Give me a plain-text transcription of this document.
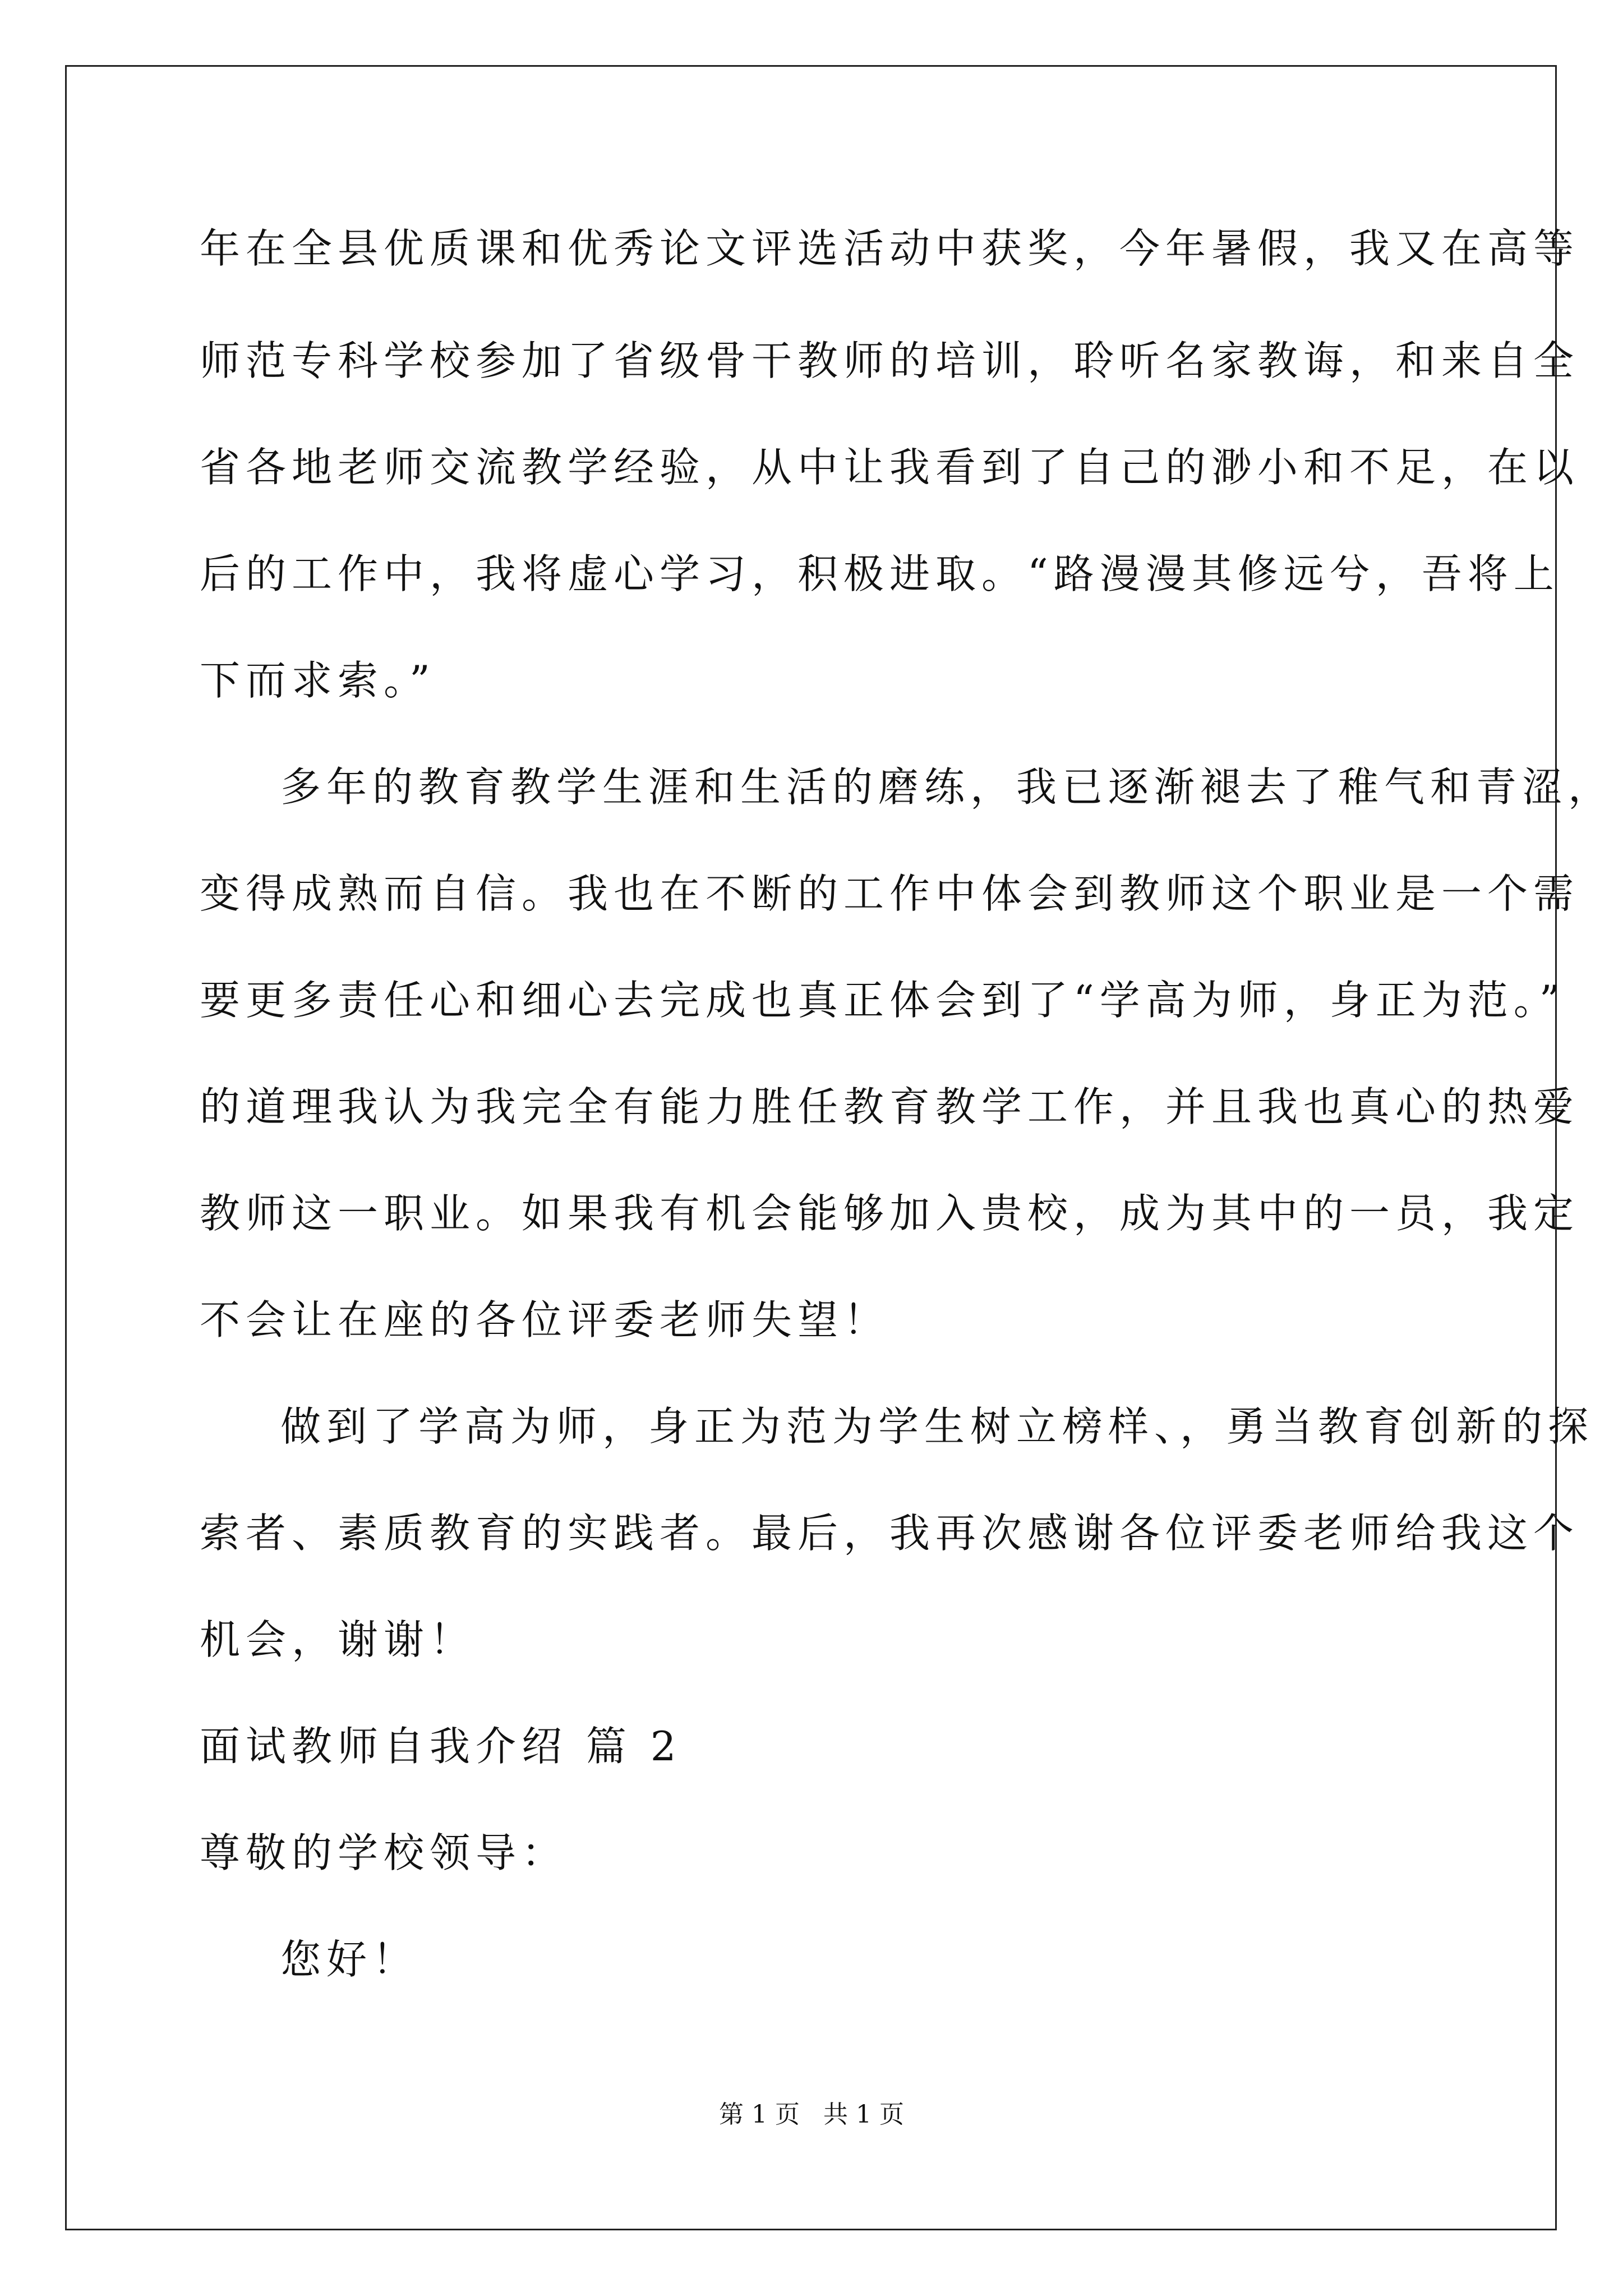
年在全县优质课和优秀论文评选活动中获奖，今年暑假，我又在高等
师范专科学校参加了省级骨干教师的培训，聆听名家教诲，和来自全
省各地老师交流教学经验，从中让我看到了自己的渺小和不足，在以
后的工作中，我将虚心学习，积极进取。“路漫漫其修远兮，吾将上
下而求索。”
多年的教育教学生涯和生活的磨练，我已逐渐褪去了稚气和青涩，
变得成熟而自信。我也在不断的工作中体会到教师这个职业是一个需
要更多责任心和细心去完成也真正体会到了“学高为师，身正为范。”
的道理我认为我完全有能力胜任教育教学工作，并且我也真心的热爱
教师这一职业。如果我有机会能够加入贵校，成为其中的一员，我定
不会让在座的各位评委老师失望！
做到了学高为师，身正为范为学生树立榜样、，勇当教育创新的探
索者、素质教育的实践者。最后，我再次感谢各位评委老师给我这个
机会，谢谢！
面试教师自我介绍 篇 2
尊敬的学校领导：
您好！
第 1 页   共 1 页
